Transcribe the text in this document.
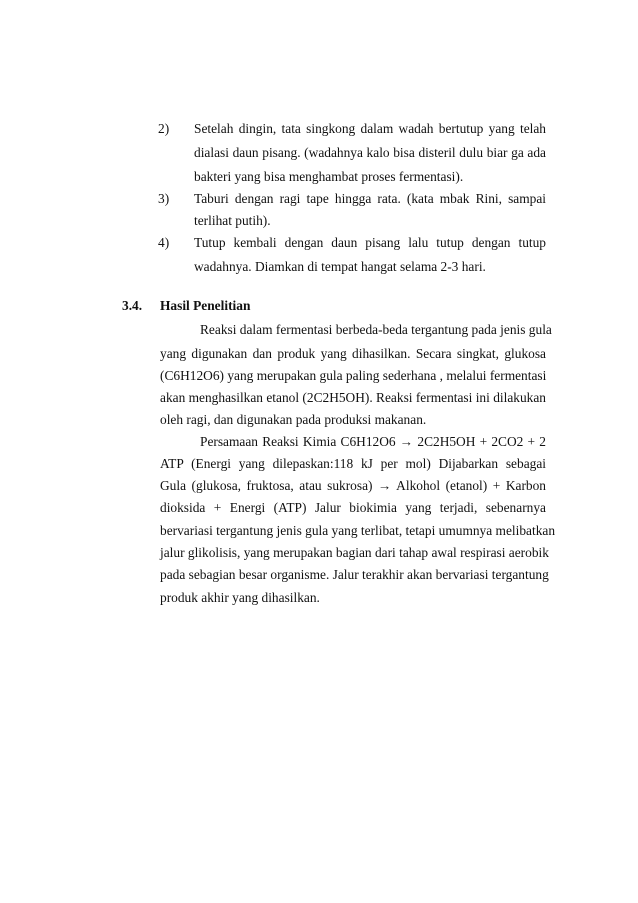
2) Setelah dingin, tata singkong dalam wadah bertutup yang telah
dialasi daun pisang. (wadahnya kalo bisa disteril dulu biar ga ada
bakteri yang bisa menghambat proses fermentasi).
3) Taburi dengan ragi tape hingga rata. (kata mbak Rini, sampai
terlihat putih).
4) Tutup kembali dengan daun pisang lalu tutup dengan tutup
wadahnya. Diamkan di tempat hangat selama 2-3 hari.
3.4. Hasil Penelitian
Reaksi dalam fermentasi berbeda-beda tergantung pada jenis gula
yang digunakan dan produk yang dihasilkan. Secara singkat, glukosa
(C6H12O6) yang merupakan gula paling sederhana , melalui fermentasi
akan menghasilkan etanol (2C2H5OH). Reaksi fermentasi ini dilakukan
oleh ragi, dan digunakan pada produksi makanan.
Persamaan Reaksi Kimia C6H12O6 → 2C2H5OH + 2CO2 + 2
ATP (Energi yang dilepaskan:118 kJ per mol) Dijabarkan sebagai
Gula (glukosa, fruktosa, atau sukrosa) → Alkohol (etanol) + Karbon
dioksida + Energi (ATP) Jalur biokimia yang terjadi, sebenarnya
bervariasi tergantung jenis gula yang terlibat, tetapi umumnya melibatkan
jalur glikolisis, yang merupakan bagian dari tahap awal respirasi aerobik
pada sebagian besar organisme. Jalur terakhir akan bervariasi tergantung
produk akhir yang dihasilkan.
